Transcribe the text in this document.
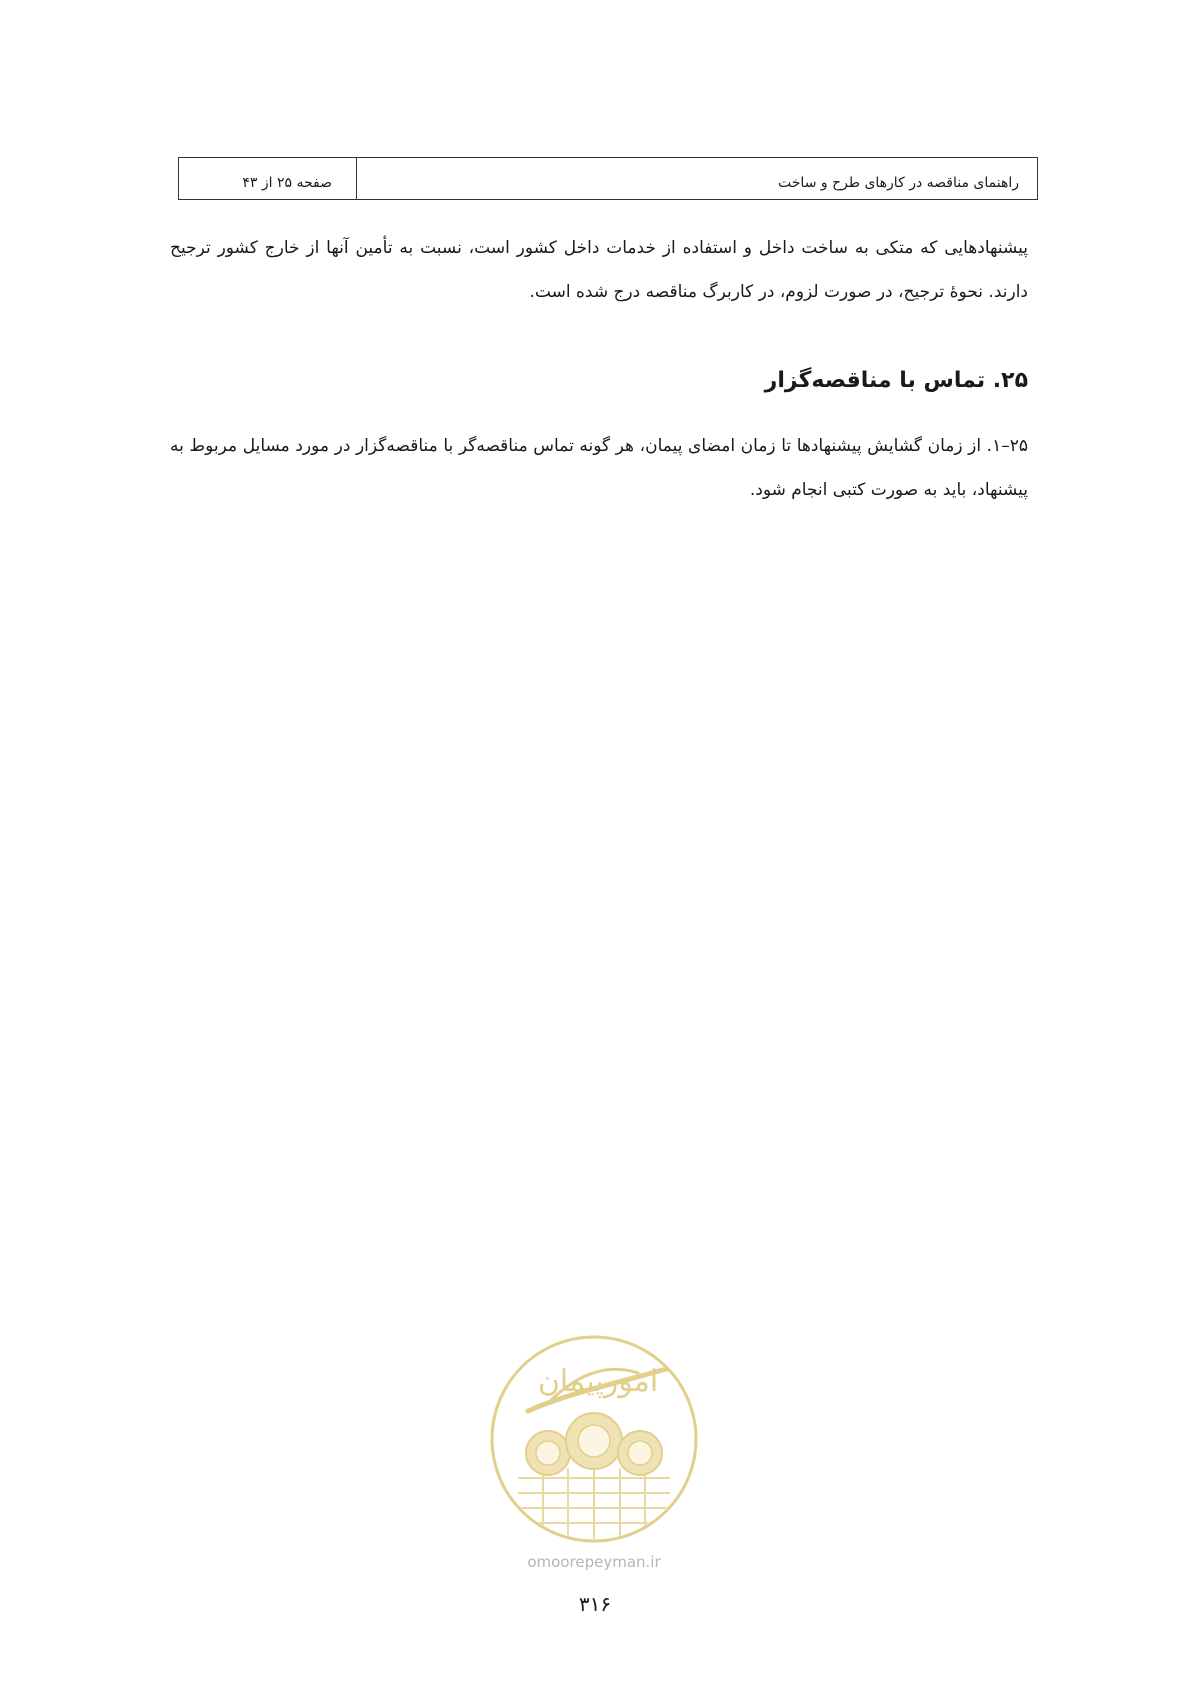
صفحه ۲۵ از ۴۳	راهنمای مناقصه در کارهای طرح و ساخت
پیشنهادهایی که متکی به ساخت داخل و استفاده از خدمات داخل کشور است، نسبت به تأمین آنها از خارج کشور ترجیح دارند. نحوهٔ ترجیح، در صورت لزوم، در کاربرگ مناقصه درج شده است.
۲۵. تماس با مناقصه‌گزار
۲۵–۱. از زمان گشایش پیشنهادها تا زمان امضای پیمان، هر گونه تماس مناقصه‌گر با مناقصه‌گزار در مورد مسایل مربوط به پیشنهاد، باید به صورت کتبی انجام شود.
امورپیمان
omoorepeyman.ir
۳۱۶
